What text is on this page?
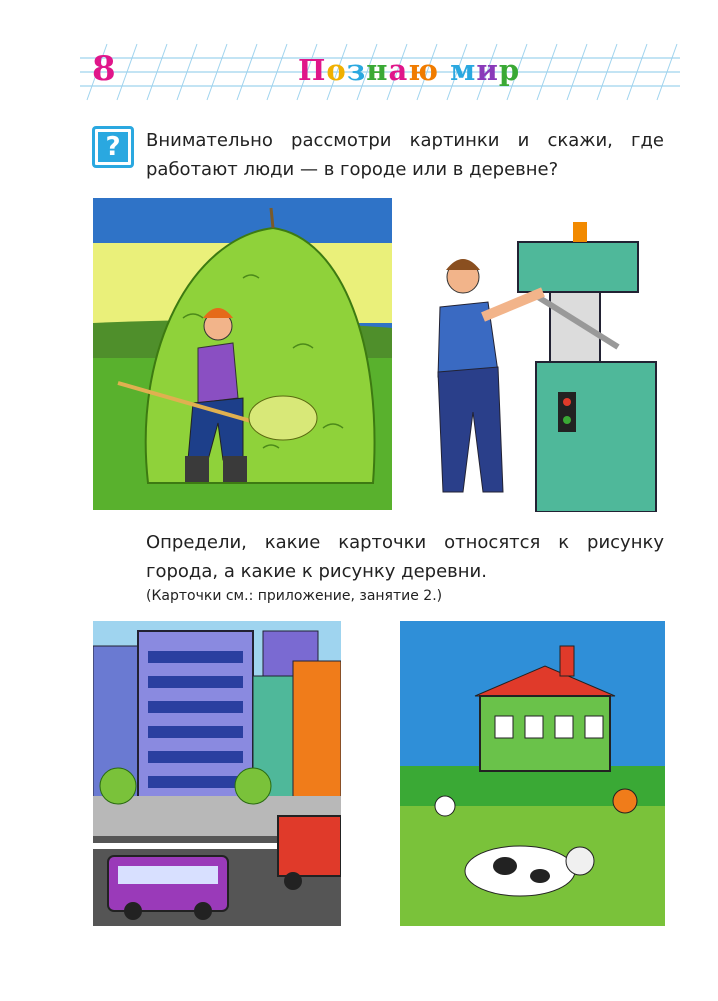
8	Познаю мир
?	Внимательно рассмотри картинки и скажи, где работают люди — в городе или в деревне?
Определи, какие карточки относятся к рисунку города, а какие к рисунку деревни.
(Карточки см.: приложение, занятие 2.)
